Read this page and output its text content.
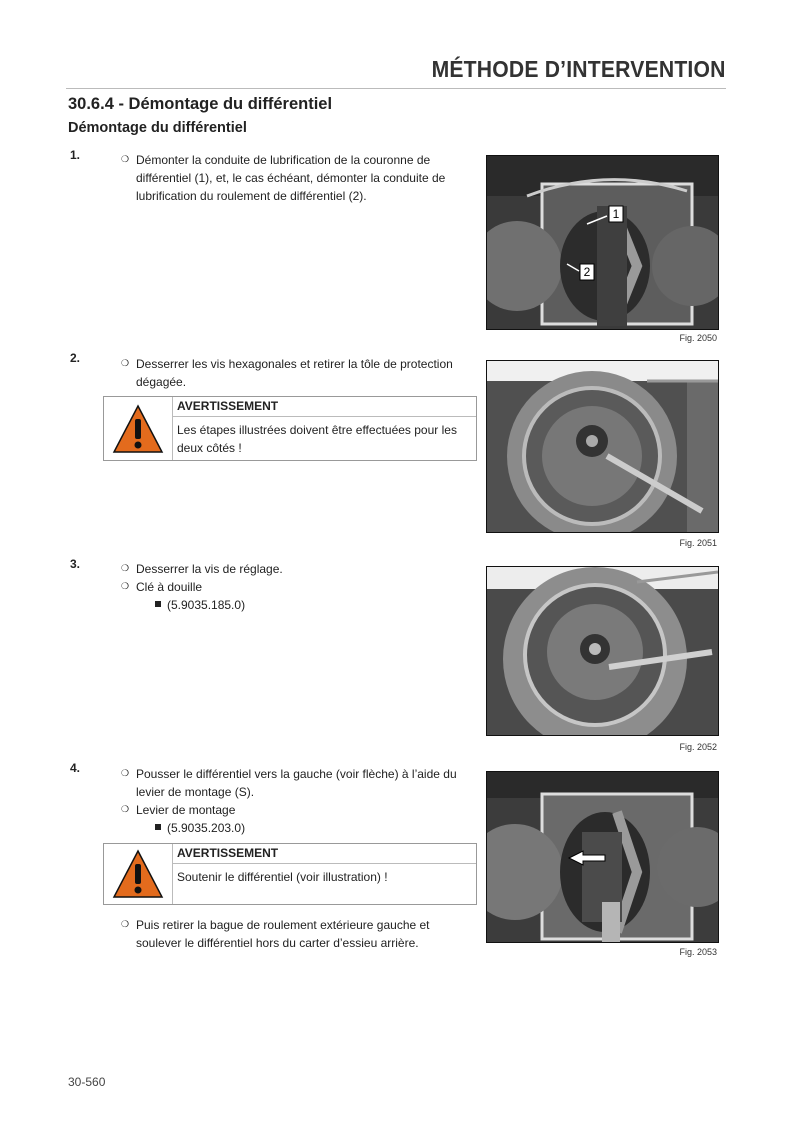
MÉTHODE D’INTERVENTION
30.6.4 - Démontage du différentiel
Démontage du différentiel
1.	❍ Démonter la conduite de lubrification de la couronne de différentiel (1), et, le cas échéant, démonter la conduite de lubrification du roulement de différentiel (2).
1
2
Fig. 2050
2.	❍ Desserrer les vis hexagonales et retirer la tôle de protection dégagée.
AVERTISSEMENT
Les étapes illustrées doivent être effectuées pour les deux côtés !
Fig. 2051
3.	❍ Desserrer la vis de réglage.
❍ Clé à douille
(5.9035.185.0)
Fig. 2052
4.	❍ Pousser le différentiel vers la gauche (voir flèche) à l’aide du levier de montage (S).
❍ Levier de montage
(5.9035.203.0)
AVERTISSEMENT
Soutenir le différentiel (voir illustration) !
❍ Puis retirer la bague de roulement extérieure gauche et soulever le différentiel hors du carter d’essieu arrière.
Fig. 2053
30-560
